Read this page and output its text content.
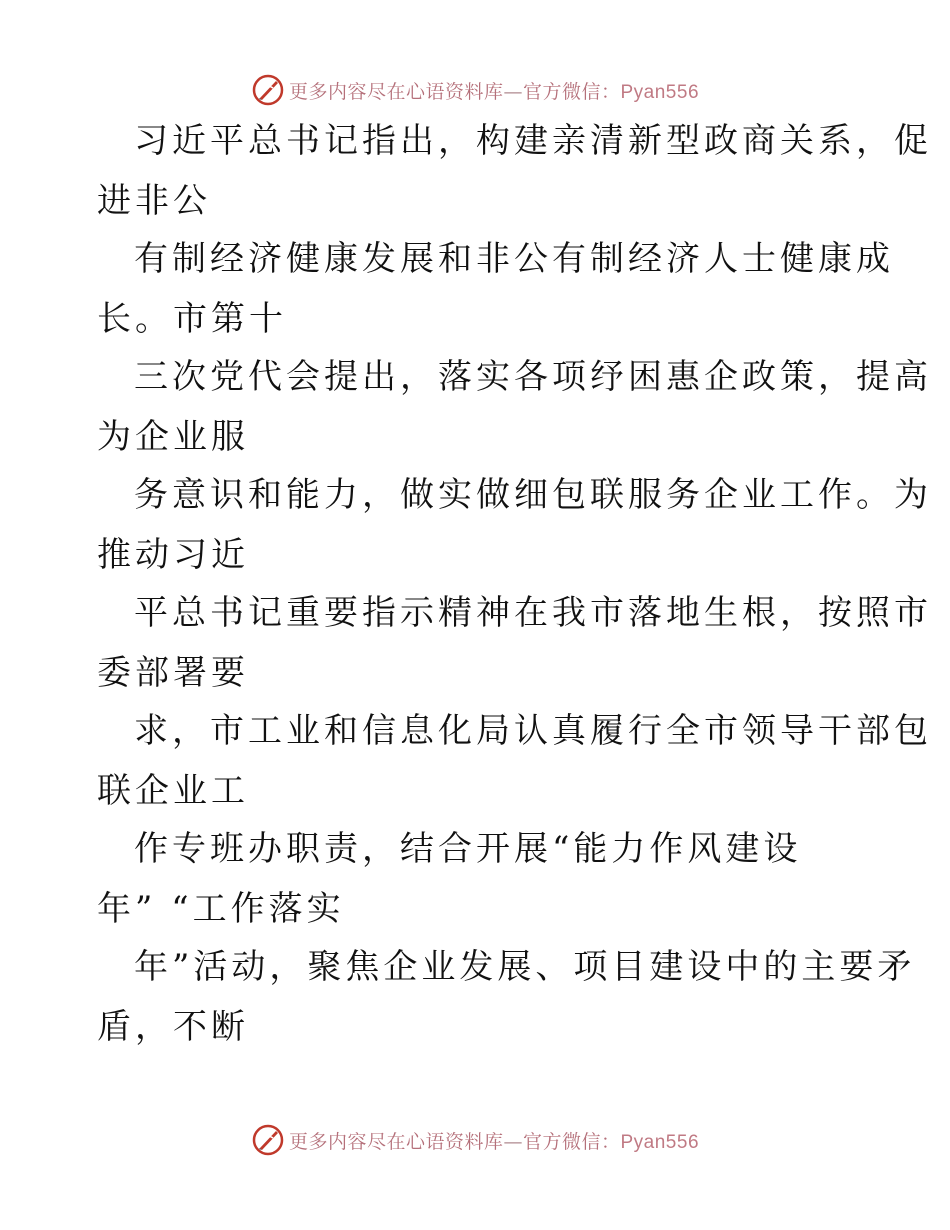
更多内容尽在心语资料库—官方微信：Pyan556
习近平总书记指出，构建亲清新型政商关系，促
进非公
有制经济健康发展和非公有制经济人士健康成
长。市第十
三次党代会提出，落实各项纾困惠企政策，提高
为企业服
务意识和能力，做实做细包联服务企业工作。为
推动习近
平总书记重要指示精神在我市落地生根，按照市
委部署要
求，市工业和信息化局认真履行全市领导干部包
联企业工
作专班办职责，结合开展“能力作风建设
年” “工作落实
年”活动，聚焦企业发展、项目建设中的主要矛
盾，不断
更多内容尽在心语资料库—官方微信：Pyan556
